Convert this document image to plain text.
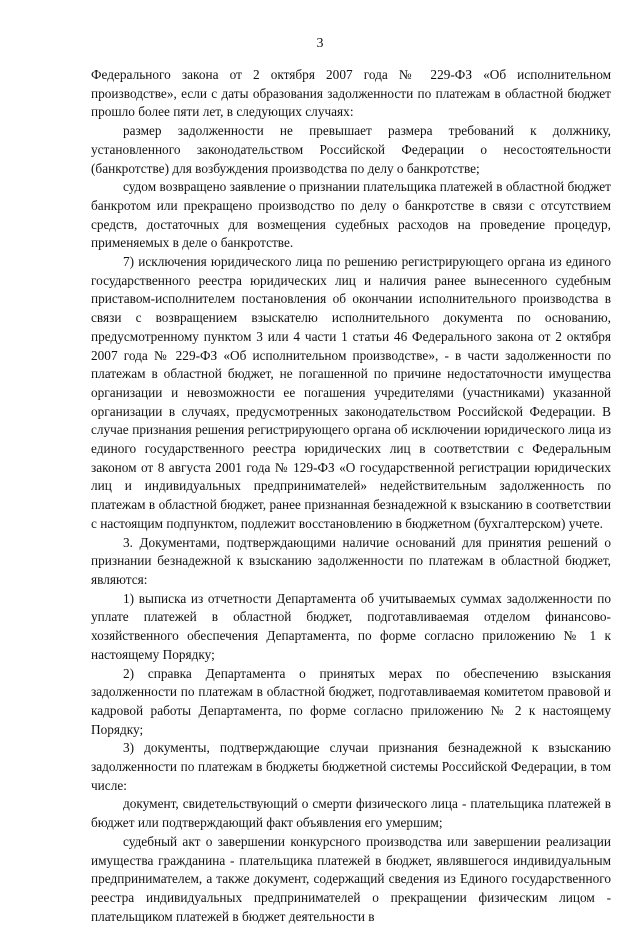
3

Федерального закона от 2 октября 2007 года № 229-ФЗ «Об исполнительном производстве», если с даты образования задолженности по платежам в областной бюджет прошло более пяти лет, в следующих случаях:

размер задолженности не превышает размера требований к должнику, установленного законодательством Российской Федерации о несостоятельности (банкротстве) для возбуждения производства по делу о банкротстве;

судом возвращено заявление о признании плательщика платежей в областной бюджет банкротом или прекращено производство по делу о банкротстве в связи с отсутствием средств, достаточных для возмещения судебных расходов на проведение процедур, применяемых в деле о банкротстве.

7) исключения юридического лица по решению регистрирующего органа из единого государственного реестра юридических лиц и наличия ранее вынесенного судебным приставом-исполнителем постановления об окончании исполнительного производства в связи с возвращением взыскателю исполнительного документа по основанию, предусмотренному пунктом 3 или 4 части 1 статьи 46 Федерального закона от 2 октября 2007 года № 229-ФЗ «Об исполнительном производстве», - в части задолженности по платежам в областной бюджет, не погашенной по причине недостаточности имущества организации и невозможности ее погашения учредителями (участниками) указанной организации в случаях, предусмотренных законодательством Российской Федерации. В случае признания решения регистрирующего органа об исключении юридического лица из единого государственного реестра юридических лиц в соответствии с Федеральным законом от 8 августа 2001 года № 129-ФЗ «О государственной регистрации юридических лиц и индивидуальных предпринимателей» недействительным задолженность по платежам в областной бюджет, ранее признанная безнадежной к взысканию в соответствии с настоящим подпунктом, подлежит восстановлению в бюджетном (бухгалтерском) учете.

3. Документами, подтверждающими наличие оснований для принятия решений о признании безнадежной к взысканию задолженности по платежам в областной бюджет, являются:

1) выписка из отчетности Департамента об учитываемых суммах задолженности по уплате платежей в областной бюджет, подготавливаемая отделом финансово-хозяйственного обеспечения Департамента, по форме согласно приложению № 1 к настоящему Порядку;

2) справка Департамента о принятых мерах по обеспечению взыскания задолженности по платежам в областной бюджет, подготавливаемая комитетом правовой и кадровой работы Департамента, по форме согласно приложению № 2 к настоящему Порядку;

3) документы, подтверждающие случаи признания безнадежной к взысканию задолженности по платежам в бюджеты бюджетной системы Российской Федерации, в том числе:

документ, свидетельствующий о смерти физического лица - плательщика платежей в бюджет или подтверждающий факт объявления его умершим;

судебный акт о завершении конкурсного производства или завершении реализации имущества гражданина - плательщика платежей в бюджет, являвшегося индивидуальным предпринимателем, а также документ, содержащий сведения из Единого государственного реестра индивидуальных предпринимателей о прекращении физическим лицом - плательщиком платежей в бюджет деятельности в
